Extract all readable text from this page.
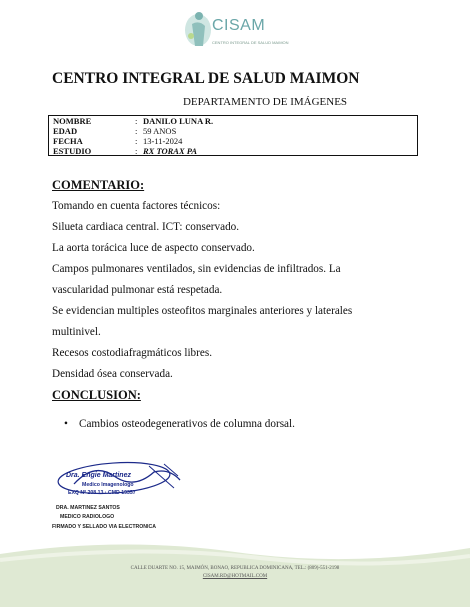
CISAM
CENTRO INTEGRAL DE SALUD MAIMON
CENTRO INTEGRAL DE SALUD MAIMON
DEPARTAMENTO DE IMÁGENES
NOMBRE	: DANILO LUNA R.
EDAD	: 59 ANOS
FECHA	: 13-11-2024
ESTUDIO	: RX TORAX PA
COMENTARIO:
Tomando en cuenta factores técnicos:
Silueta cardiaca central. ICT: conservado.
La aorta torácica luce de aspecto conservado.
Campos pulmonares ventilados, sin evidencias de infiltrados. La
vascularidad pulmonar está respetada.
Se evidencian multiples osteofitos marginales anteriores y laterales
multinivel.
Recesos costodiafragmáticos libres.
Densidad ósea conservada.
CONCLUSION:
• Cambios osteodegenerativos de columna dorsal.
Dra. Engie Martinez
Medico Imagenologo
EXQ Nº 208 13 · CMD 19357
DRA. MARTINEZ SANTOS
MEDICO RADIOLOGO
FIRMADO Y SELLADO VIA ELECTRONICA
CALLE DUARTE NO. 15, MAIMÓN, BONAO, REPUBLICA DOMINICANA, TEL.: (809)-551-2198
CISAM.RD@HOTMAIL.COM
